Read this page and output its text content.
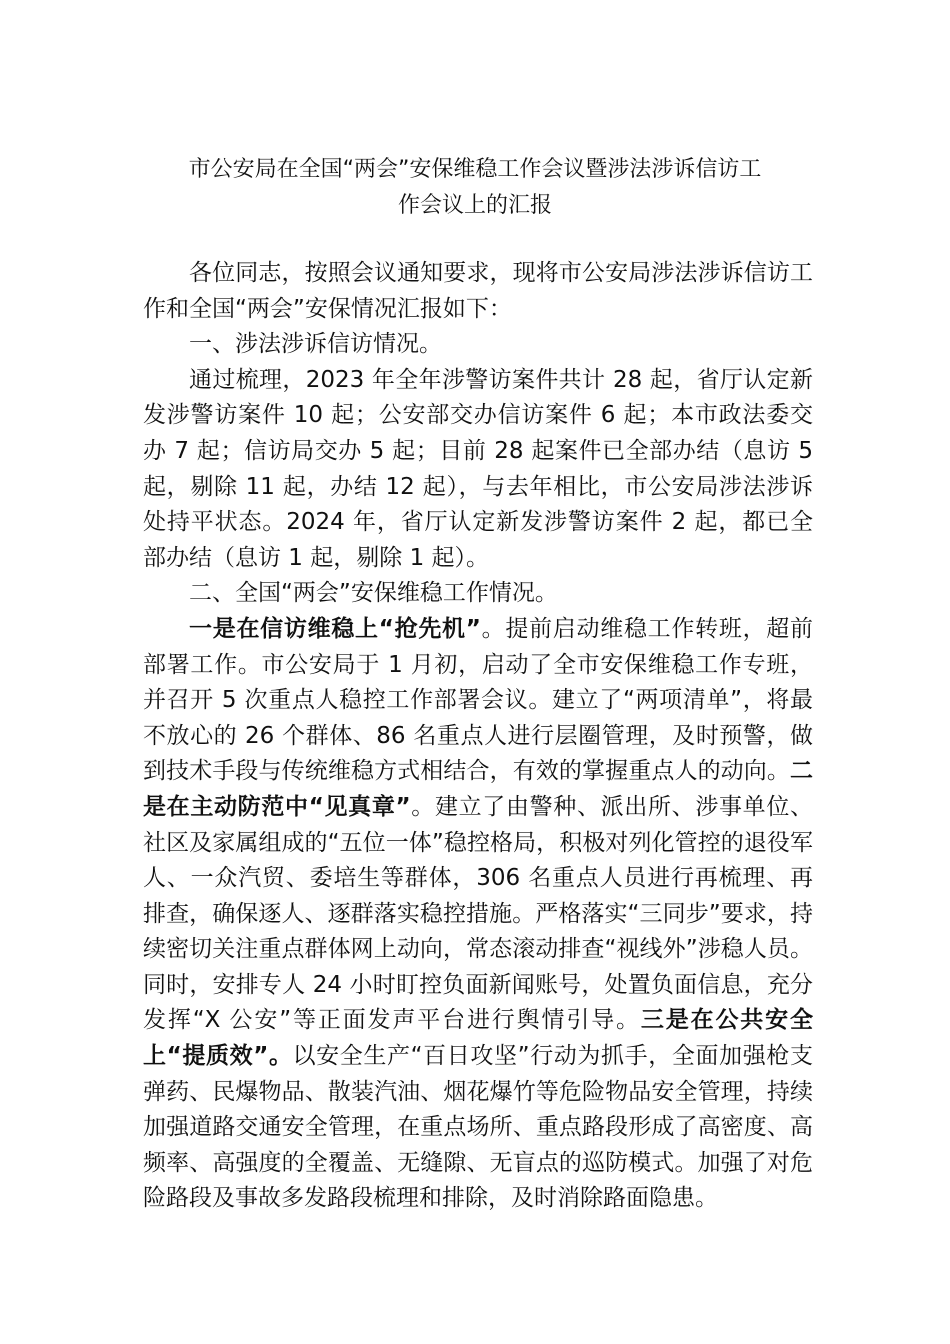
市公安局在全国“两会”安保维稳工作会议暨涉法涉诉信访工
作会议上的汇报

各位同志，按照会议通知要求，现将市公安局涉法涉诉信访工作和全国“两会”安保情况汇报如下：

一、涉法涉诉信访情况。

通过梳理，2023 年全年涉警访案件共计 28 起，省厅认定新发涉警访案件 10 起；公安部交办信访案件 6 起；本市政法委交办 7 起；信访局交办 5 起；目前 28 起案件已全部办结（息访 5 起，剔除 11 起，办结 12 起），与去年相比，市公安局涉法涉诉处持平状态。2024 年，省厅认定新发涉警访案件 2 起，都已全部办结（息访 1 起，剔除 1 起）。

二、全国“两会”安保维稳工作情况。

一是在信访维稳上“抢先机”。提前启动维稳工作转班，超前部署工作。市公安局于 1 月初，启动了全市安保维稳工作专班，并召开 5 次重点人稳控工作部署会议。建立了“两项清单”，将最不放心的 26 个群体、86 名重点人进行层圈管理，及时预警，做到技术手段与传统维稳方式相结合，有效的掌握重点人的动向。二是在主动防范中“见真章”。建立了由警种、派出所、涉事单位、社区及家属组成的“五位一体”稳控格局，积极对列化管控的退役军人、一众汽贸、委培生等群体，306 名重点人员进行再梳理、再排查，确保逐人、逐群落实稳控措施。严格落实“三同步”要求，持续密切关注重点群体网上动向，常态滚动排查“视线外”涉稳人员。同时，安排专人 24 小时盯控负面新闻账号，处置负面信息，充分发挥“X 公安”等正面发声平台进行舆情引导。三是在公共安全上“提质效”。以安全生产“百日攻坚”行动为抓手，全面加强枪支弹药、民爆物品、散装汽油、烟花爆竹等危险物品安全管理，持续加强道路交通安全管理，在重点场所、重点路段形成了高密度、高频率、高强度的全覆盖、无缝隙、无盲点的巡防模式。加强了对危险路段及事故多发路段梳理和排除，及时消除路面隐患。
